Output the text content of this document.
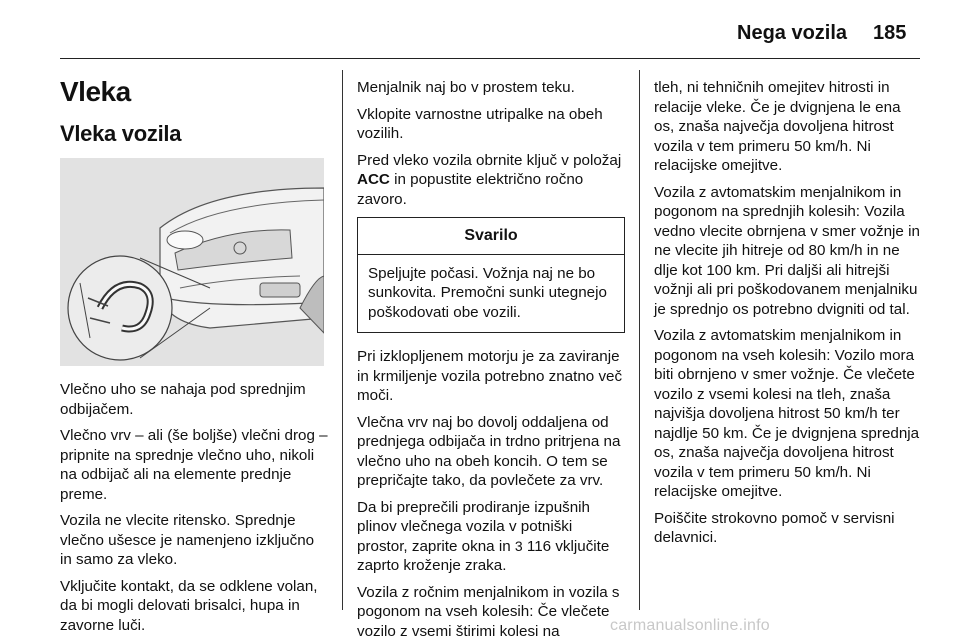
Nega vozila 185
Vleka
Vleka vozila

Vlečno uho se nahaja pod sprednjim odbijačem.

Vlečno vrv – ali (še boljše) vlečni drog – pripnite na sprednje vlečno uho, nikoli na odbijač ali na elemente prednje preme.

Vozila ne vlecite ritensko. Sprednje vlečno ušesce je namenjeno izključno in samo za vleko.

Vključite kontakt, da se odklene volan, da bi mogli delovati brisalci, hupa in zavorne luči.

Menjalnik naj bo v prostem teku.

Vklopite varnostne utripalke na obeh vozilih.

Pred vleko vozila obrnite ključ v položaj ACC in popustite električno ročno zavoro.

Svarilo
Speljujte počasi. Vožnja naj ne bo sunkovita. Premočni sunki utegnejo poškodovati obe vozili.

Pri izklopljenem motorju je za zaviranje in krmiljenje vozila potrebno znatno več moči.

Vlečna vrv naj bo dovolj oddaljena od prednjega odbijača in trdno pritrjena na vlečno uho na obeh koncih. O tem se prepričajte tako, da povlečete za vrv.

Da bi preprečili prodiranje izpušnih plinov vlečnega vozila v potniški prostor, zaprite okna in 3 116 vključite zaprto kroženje zraka.

Vozila z ročnim menjalnikom in vozila s pogonom na vseh kolesih: Če vlečete vozilo z vsemi štirimi kolesi na

tleh, ni tehničnih omejitev hitrosti in relacije vleke. Če je dvignjena le ena os, znaša največja dovoljena hitrost vozila v tem primeru 50 km/h. Ni relacijske omejitve.

Vozila z avtomatskim menjalnikom in pogonom na sprednjih kolesih: Vozila vedno vlecite obrnjena v smer vožnje in ne vlecite jih hitreje od 80 km/h in ne dlje kot 100 km. Pri daljši ali hitrejši vožnji ali pri poškodovanem menjalniku je sprednjo os potrebno dvigniti od tal.

Vozila z avtomatskim menjalnikom in pogonom na vseh kolesih: Vozilo mora biti obrnjeno v smer vožnje. Če vlečete vozilo z vsemi kolesi na tleh, znaša najvišja dovoljena hitrost 50 km/h ter najdlje 50 km. Če je dvignjena sprednja os, znaša največja dovoljena hitrost vozila v tem primeru 50 km/h. Ni relacijske omejitve.

Poiščite strokovno pomoč v servisni delavnici.

carmanualsonline.info
